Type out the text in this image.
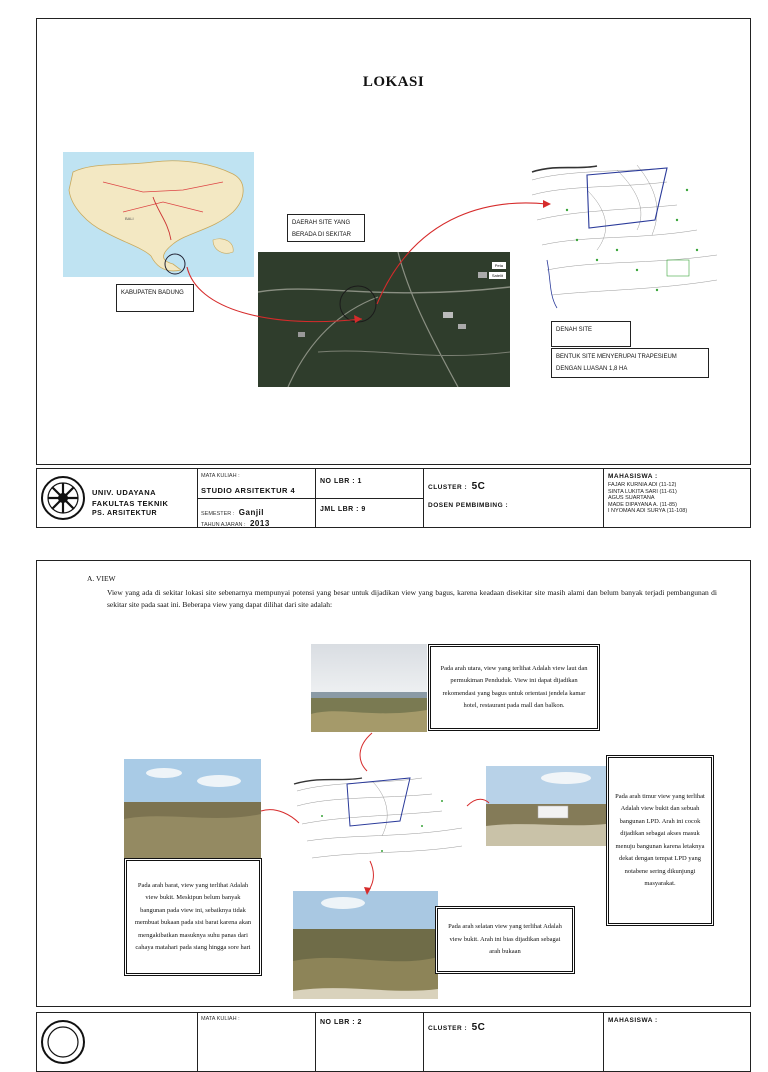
LOKASI
BALI
KABUPATEN BADUNG
Peta
Satelit
DAERAH SITE YANG BERADA DI SEKITAR
DENAH SITE
BENTUK SITE MENYERUPAI TRAPESIEUM DENGAN LUASAN 1,8 HA
UNIV. UDAYANA
FAKULTAS TEKNIK
PS. ARSITEKTUR
MATA KULIAH :
STUDIO ARSITEKTUR 4
SEMESTER : Ganjil
TAHUN AJARAN : 2013
NO LBR : 1
JML LBR : 9
CLUSTER : 5C
DOSEN PEMBIMBING :
MAHASISWA :
FAJAR KURNIA ADI (11-12)
SINTA LUKITA SARI (11-61)
AGUS SUARTANA
MADE DIPAYANA A. (11-85)
I NYOMAN ADI SURYA (11-108)
A. VIEW
View yang ada di sekitar lokasi site sebenarnya mempunyai potensi yang besar untuk dijadikan view yang bagus, karena keadaan disekitar site masih alami dan belum banyak terjadi pembangunan di sekitar site pada saat ini. Beberapa view yang dapat dilihat dari site adalah:
Pada arah utara, view yang terlihat Adalah view laut dan permukiman Penduduk. View ini dapat dijadikan rekomendasi yang bagus untuk orientasi jendela kamar hotel, restaurant pada mall dan balkon.
Pada arah barat, view yang terlihat Adalah view bukit. Meskipun belum banyak bangunan pada view ini, sebaiknya tidak membuat bukaan pada sisi barat karena akan mengakibatkan masuknya suhu panas dari cahaya matahari pada siang hingga sore hari
Pada arah timur view yang terlihat Adalah view bukit dan sebuah bangunan LPD. Arah ini cocok dijadikan sebagai akses masuk menuju bangunan karena letaknya dekat dengan tempat LPD yang notabene sering dikunjungi masyarakat.
Pada arah selatan view yang terlihat Adalah view bukit. Arah ini bias dijadikan sebagai arah bukaan
MATA KULIAH :	NO LBR : 2
CLUSTER : 5C
MAHASISWA :
